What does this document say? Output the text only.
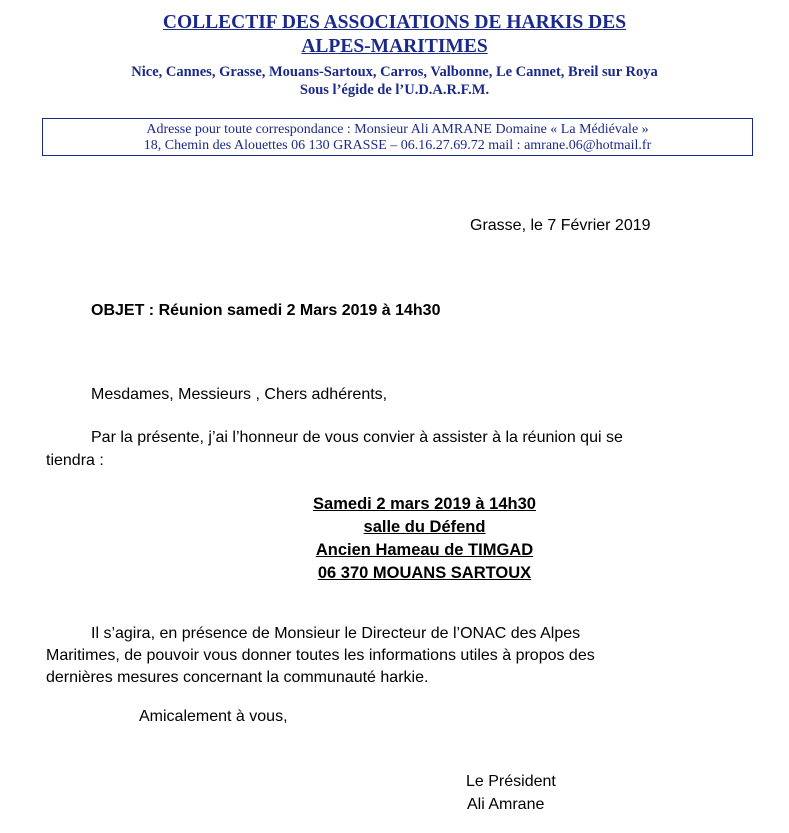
COLLECTIF DES ASSOCIATIONS DE HARKIS DES
ALPES-MARITIMES
Nice, Cannes, Grasse, Mouans-Sartoux, Carros, Valbonne, Le Cannet, Breil sur Roya
Sous l’égide de l’U.D.A.R.F.M.
Adresse pour toute correspondance : Monsieur Ali AMRANE Domaine « La Médiévale »
18, Chemin des Alouettes 06 130 GRASSE – 06.16.27.69.72 mail : amrane.06@hotmail.fr
Grasse, le 7 Février 2019
OBJET : Réunion samedi 2 Mars 2019 à 14h30
Mesdames, Messieurs , Chers adhérents,
Par la présente, j’ai l’honneur de vous convier à assister à la réunion qui se
tiendra :
Samedi 2 mars 2019 à 14h30
salle du Défend
Ancien Hameau de TIMGAD
06 370 MOUANS SARTOUX
Il s’agira, en présence de Monsieur le Directeur de l’ONAC des Alpes
Maritimes, de pouvoir vous donner toutes les informations utiles à propos des
dernières mesures concernant la communauté harkie.
Amicalement à vous,
Le Président
Ali Amrane
